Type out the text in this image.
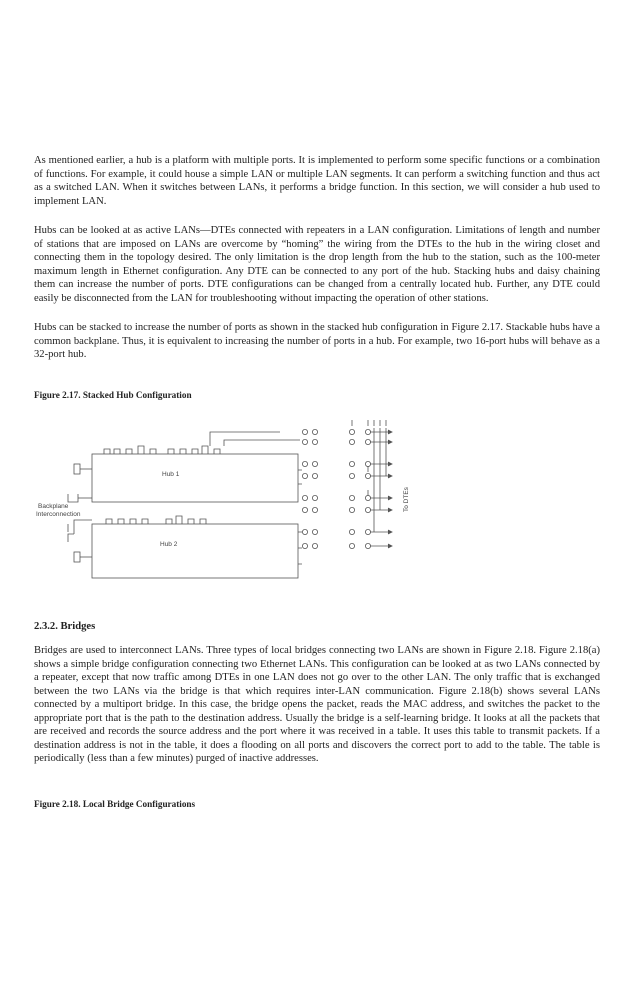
As mentioned earlier, a hub is a platform with multiple ports. It is implemented to perform some specific functions or a combination of functions. For example, it could house a simple LAN or multiple LAN segments. It can perform a switching function and thus act as a switched LAN. When it switches between LANs, it performs a bridge function. In this section, we will consider a hub used to implement LAN.

Hubs can be looked at as active LANs—DTEs connected with repeaters in a LAN configuration. Limitations of length and number of stations that are imposed on LANs are overcome by “homing” the wiring from the DTEs to the hub in the wiring closet and connecting them in the topology desired. The only limitation is the drop length from the hub to the station, such as the 100-meter maximum length in Ethernet configuration. Any DTE can be connected to any port of the hub. Stacking hubs and daisy chaining them can increase the number of ports. DTE configurations can be changed from a centrally located hub. Further, any DTE could easily be disconnected from the LAN for troubleshooting without impacting the operation of other stations.

Hubs can be stacked to increase the number of ports as shown in the stacked hub configuration in Figure 2.17. Stackable hubs have a common backplane. Thus, it is equivalent to increasing the number of ports in a hub. For example, two 16-port hubs will behave as a 32-port hub.

Figure 2.17. Stacked Hub Configuration

Hub 1
Hub 2
Backplane
Interconnection
To DTEs
2.3.2. Bridges

Bridges are used to interconnect LANs. Three types of local bridges connecting two LANs are shown in Figure 2.18. Figure 2.18(a) shows a simple bridge configuration connecting two Ethernet LANs. This configuration can be looked at as two LANs connected by a repeater, except that now traffic among DTEs in one LAN does not go over to the other LAN. The only traffic that is exchanged between the two LANs via the bridge is that which requires inter-LAN communication. Figure 2.18(b) shows several LANs connected by a multiport bridge. In this case, the bridge opens the packet, reads the MAC address, and switches the packet to the appropriate port that is the path to the destination address. Usually the bridge is a self-learning bridge. It looks at all the packets that are received and records the source address and the port where it was received in a table. It uses this table to transmit packets. If a destination address is not in the table, it does a flooding on all ports and discovers the correct port to add to the table. The table is periodically (less than a few minutes) purged of inactive addresses.

Figure 2.18. Local Bridge Configurations
